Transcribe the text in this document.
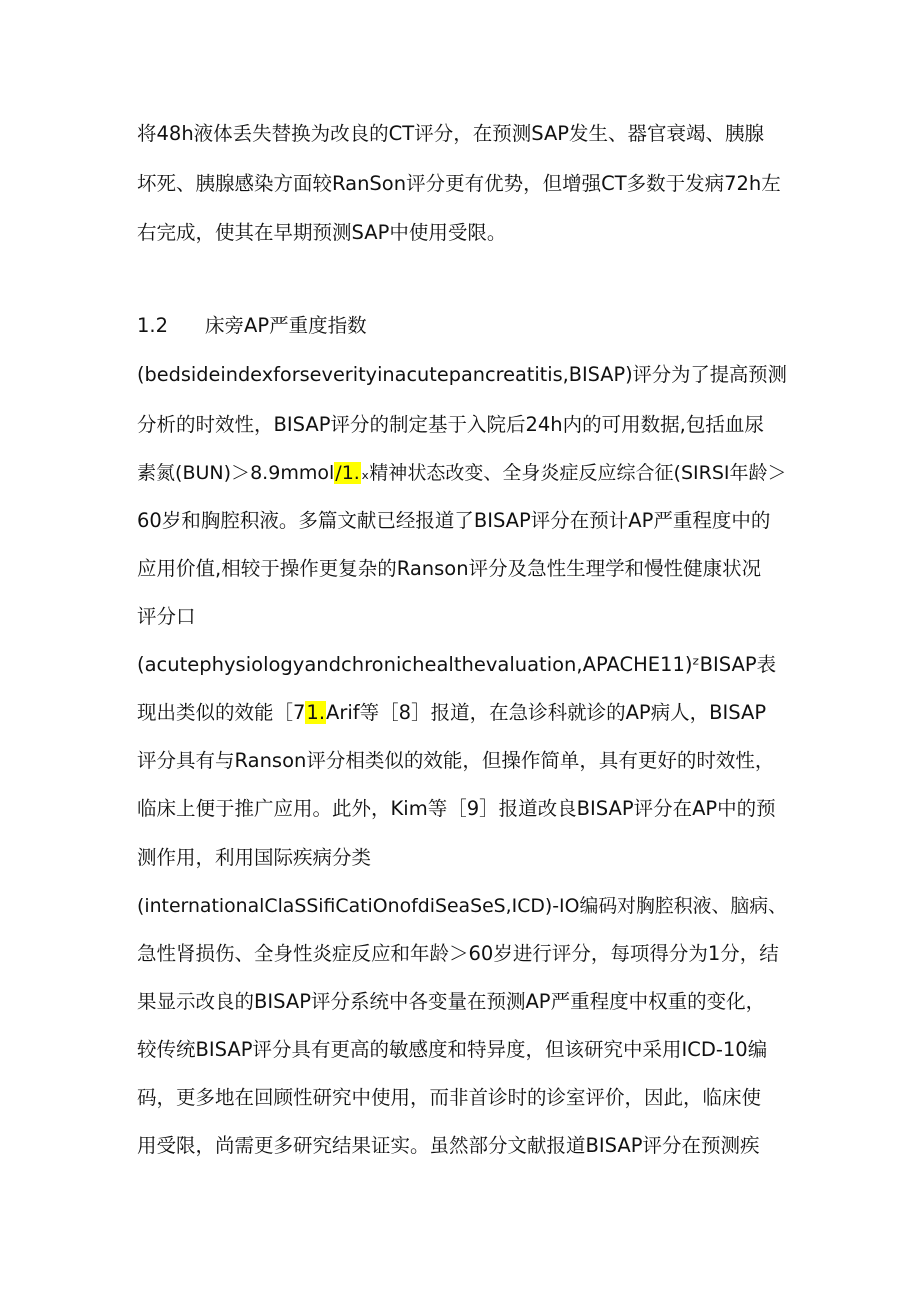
将48h液体丢失替换为改良的CT评分，在预测SAP发生、器官衰竭、胰腺
坏死、胰腺感染方面较RanSon评分更有优势，但增强CT多数于发病72h左
右完成，使其在早期预测SAP中使用受限。
1.2 床旁AP严重度指数
(bedsideindexforseverityinacutepancreatitis,BISAP)评分为了提高预测
分析的时效性，BISAP评分的制定基于入院后24h内的可用数据,包括血尿
素氮(BUN)＞8.9mmol/1.ₓ精神状态改变、全身炎症反应综合征(SIRSI年龄＞
60岁和胸腔积液。多篇文献已经报道了BISAP评分在预计AP严重程度中的
应用价值,相较于操作更复杂的Ranson评分及急性生理学和慢性健康状况
评分口
(acutephysiologyandchronichealthevaluation,APACHE11)ᶻBISAP表
现出类似的效能［71.Arif等［8］报道，在急诊科就诊的AP病人，BISAP
评分具有与Ranson评分相类似的效能，但操作简单，具有更好的时效性，
临床上便于推广应用。此外，Kim等［9］报道改良BISAP评分在AP中的预
测作用，利用国际疾病分类
(internationalClaSSifiCatiOnofdiSeaSeS,ICD)-IO编码对胸腔积液、脑病、
急性肾损伤、全身性炎症反应和年龄＞60岁进行评分，每项得分为1分，结
果显示改良的BISAP评分系统中各变量在预测AP严重程度中权重的变化，
较传统BISAP评分具有更高的敏感度和特异度，但该研究中采用ICD-10编
码，更多地在回顾性研究中使用，而非首诊时的诊室评价，因此，临床使
用受限，尚需更多研究结果证实。虽然部分文献报道BISAP评分在预测疾
